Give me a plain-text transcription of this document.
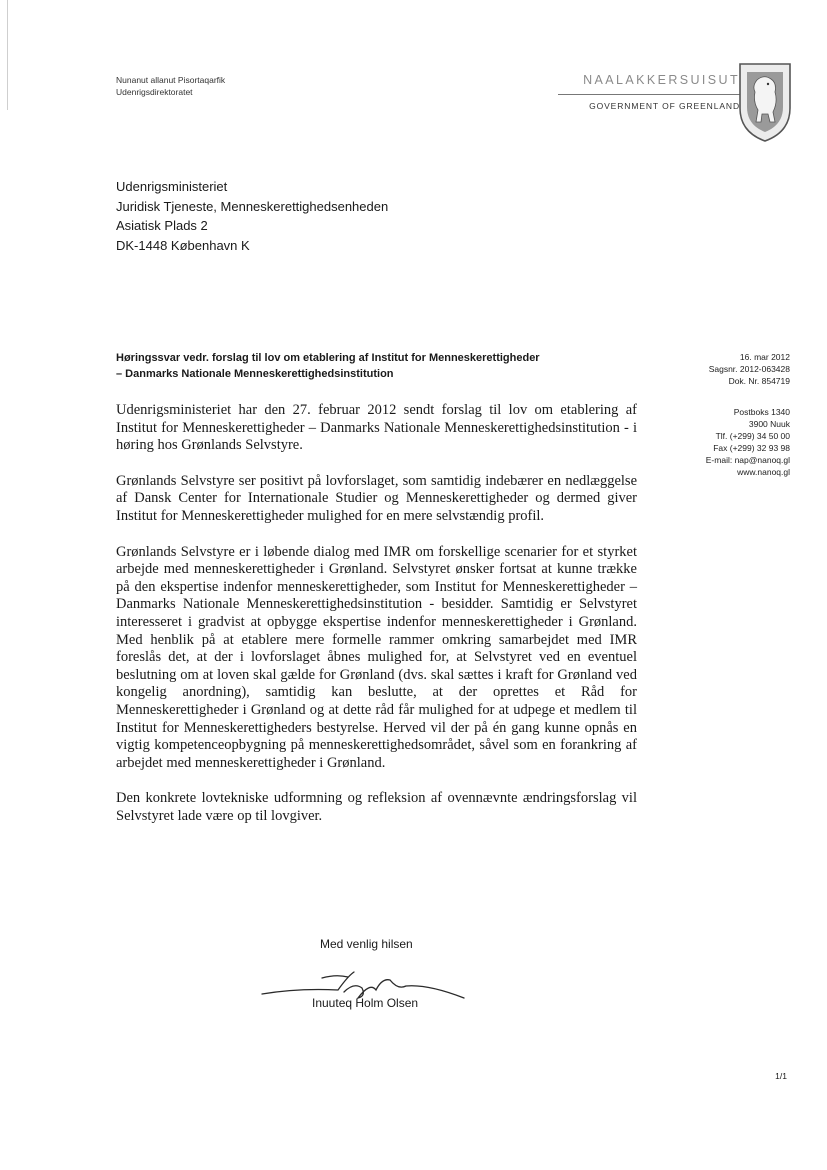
Nunanut allanut Pisortaqarfik
Udenrigsdirektoratet
NAALAKKERSUISUT
GOVERNMENT OF GREENLAND
Udenrigsministeriet
Juridisk Tjeneste, Menneskerettighedsenheden
Asiatisk Plads 2
DK-1448 København K
Høringssvar vedr. forslag til lov om etablering af Institut for Menneskerettigheder
– Danmarks Nationale Menneskerettighedsinstitution
16. mar 2012
Sagsnr. 2012-063428
Dok. Nr. 854719
Postboks 1340
3900 Nuuk
Tlf. (+299) 34 50 00
Fax (+299) 32 93 98
E-mail: nap@nanoq.gl
www.nanoq.gl

Udenrigsministeriet har den 27. februar 2012 sendt forslag til lov om etablering af Institut for Menneskerettigheder – Danmarks Nationale Menneskerettighedsinstitution - i høring hos Grønlands Selvstyre.

Grønlands Selvstyre ser positivt på lovforslaget, som samtidig indebærer en nedlæggelse af Dansk Center for Internationale Studier og Menneskerettigheder og dermed giver Institut for Menneskerettigheder mulighed for en mere selvstændig profil.

Grønlands Selvstyre er i løbende dialog med IMR om forskellige scenarier for et styrket arbejde med menneskerettigheder i Grønland. Selvstyret ønsker fortsat at kunne trække på den ekspertise indenfor menneskerettigheder, som Institut for Menneskerettigheder – Danmarks Nationale Menneskerettighedsinstitution - besidder. Samtidig er Selvstyret interesseret i gradvist at opbygge ekspertise indenfor menneskerettigheder i Grønland. Med henblik på at etablere mere formelle rammer omkring samarbejdet med IMR foreslås det, at der i lovforslaget åbnes mulighed for, at Selvstyret ved en eventuel beslutning om at loven skal gælde for Grønland (dvs. skal sættes i kraft for Grønland ved kongelig anordning), samtidig kan beslutte, at der oprettes et Råd for Menneskerettigheder i Grønland og at dette råd får mulighed for at udpege et medlem til Institut for Menneskerettigheders bestyrelse. Herved vil der på én gang kunne opnås en vigtig kompetenceopbygning på menneskerettighedsområdet, såvel som en forankring af arbejdet med menneskerettigheder i Grønland.

Den konkrete lovtekniske udformning og refleksion af ovennævnte ændringsforslag vil Selvstyret lade være op til lovgiver.

Med venlig hilsen
Inuuteq Holm Olsen
1/1
